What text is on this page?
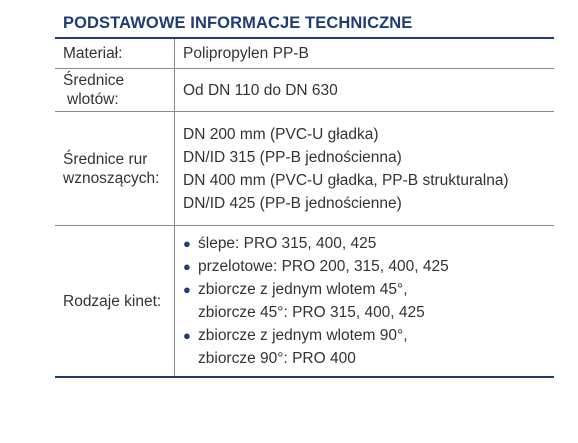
PODSTAWOWE INFORMACJE TECHNICZNE
Materiał:	Polipropylen PP-B
Średnice
wlotów:
Od DN 110 do DN 630
Średnice rur
wznoszących:
DN 200 mm (PVC-U gładka)
DN/ID 315 (PP-B jednościenna)
DN 400 mm (PVC-U gładka, PP-B strukturalna)
DN/ID 425 (PP-B jednościenne)
Rodzaje kinet:
● ślepe: PRO 315, 400, 425
● przelotowe: PRO 200, 315, 400, 425
● zbiorcze z jednym wlotem 45°,
zbiorcze 45°: PRO 315, 400, 425
● zbiorcze z jednym wlotem 90°,
zbiorcze 90°: PRO 400
